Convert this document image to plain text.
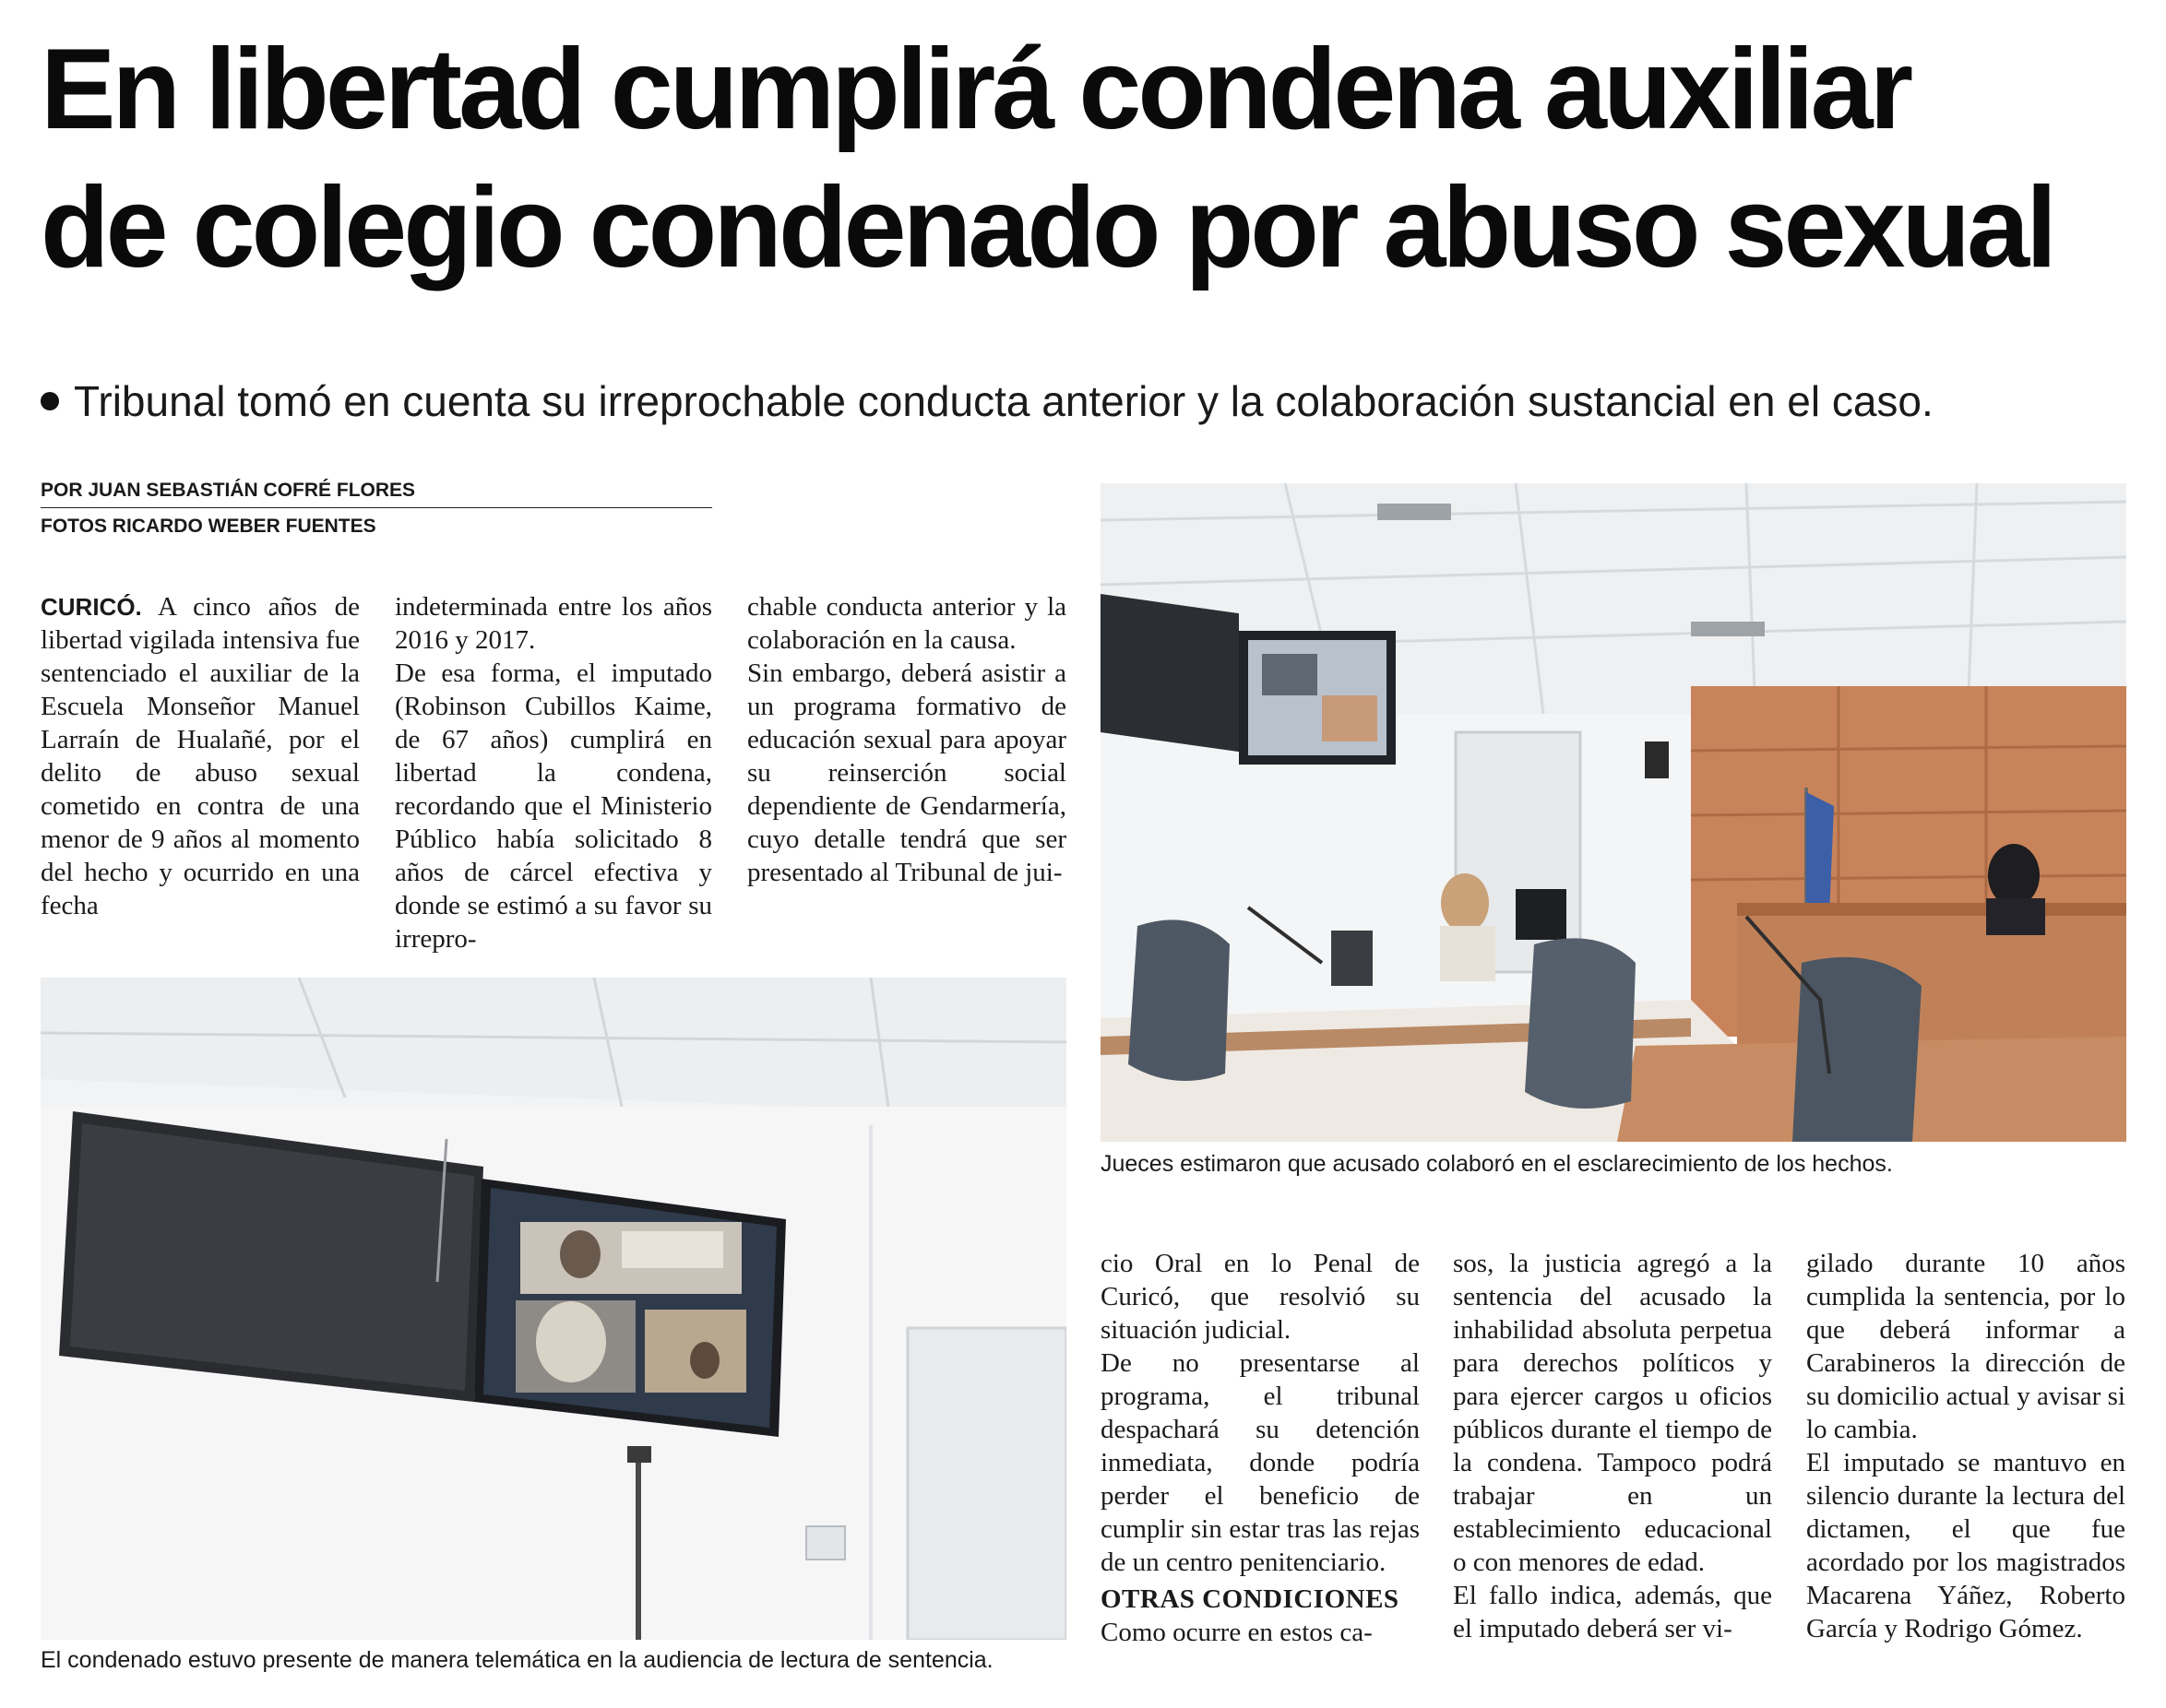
En libertad cumplirá condena auxiliar
de colegio condenado por abuso sexual
Tribunal tomó en cuenta su irreprochable conducta anterior y la colaboración sustancial en el caso.
POR JUAN SEBASTIÁN COFRÉ FLORES
FOTOS RICARDO WEBER FUENTES

CURICÓ. A cinco años de libertad vigilada intensiva fue sentenciado el auxiliar de la Escuela Monseñor Manuel Larraín de Hualañé, por el delito de abuso sexual cometido en contra de una menor de 9 años al momento del hecho y ocurrido en una fecha

indeterminada entre los años 2016 y 2017.

De esa forma, el imputado (Robinson Cubillos Kaime, de 67 años) cumplirá en libertad la condena, recordando que el Ministerio Público había solicitado 8 años de cárcel efectiva y donde se estimó a su favor su irrepro-

chable conducta anterior y la colaboración en la causa.

Sin embargo, deberá asistir a un programa formativo de educación sexual para apoyar su reinserción social dependiente de Gendarmería, cuyo detalle tendrá que ser presentado al Tribunal de jui-

Jueces estimaron que acusado colaboró en el esclarecimiento de los hechos.
El condenado estuvo presente de manera telemática en la audiencia de lectura de sentencia.

cio Oral en lo Penal de Curicó, que resolvió su situación judicial.

De no presentarse al programa, el tribunal despachará su detención inmediata, donde podría perder el beneficio de cumplir sin estar tras las rejas de un centro penitenciario.

OTRAS CONDICIONES

Como ocurre en estos ca-

sos, la justicia agregó a la sentencia del acusado la inhabilidad absoluta perpetua para derechos políticos y para ejercer cargos u oficios públicos durante el tiempo de la condena. Tampoco podrá trabajar en un establecimiento educacional o con menores de edad.

El fallo indica, además, que el imputado deberá ser vi-

gilado durante 10 años cumplida la sentencia, por lo que deberá informar a Carabineros la dirección de su domicilio actual y avisar si lo cambia.

El imputado se mantuvo en silencio durante la lectura del dictamen, el que fue acordado por los magistrados Macarena Yáñez, Roberto García y Rodrigo Gómez.
